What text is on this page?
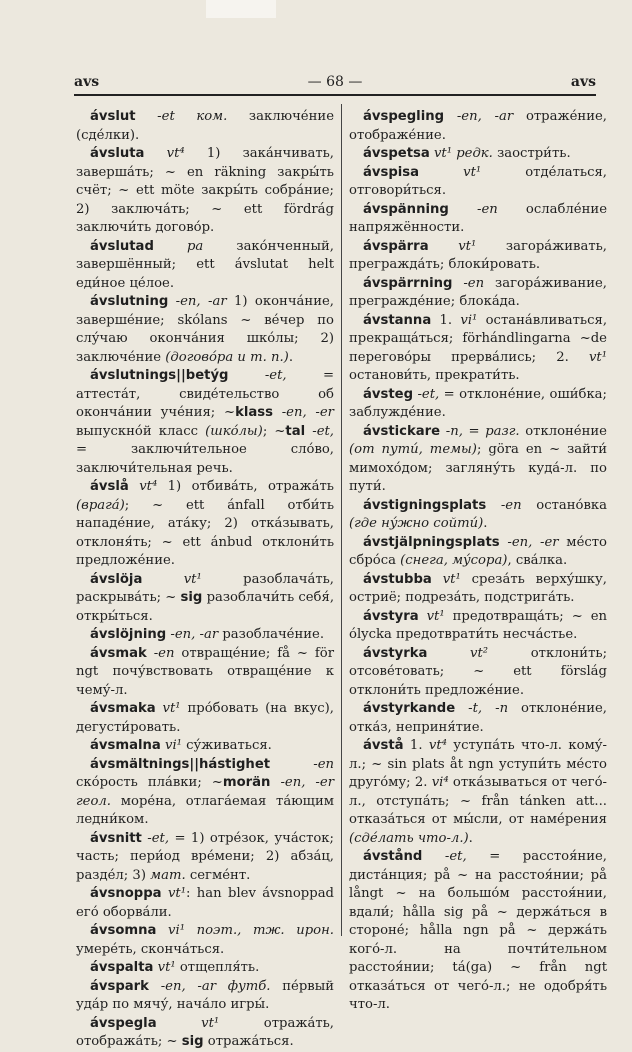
avs	— 68 —	avs

ávslut -et ком. заключе́ние (сде́лки).

ávsluta vt⁴ 1) зака́нчивать, заверша́ть; ~ en räkning закры́ть счёт; ~ ett möte закры́ть собра́ние; 2) заключа́ть; ~ ett fördrág заключи́ть догово́р.

ávslutad pa зако́нченный, завершённый; ett ávslutat helt еди́ное це́лое.

ávslutning -en, -ar 1) оконча́ние, заверше́ние; skólans ~ ве́чер по слу́чаю оконча́ния шко́лы; 2) заключе́ние (догово́ра и т. п.).

ávslutnings||betýg -et, = аттеста́т, свиде́тельство об оконча́нии уче́ния; ~klass -en, -er выпускно́й класс (шко́лы); ~tal -et, = заключи́тельное сло́во, заключи́тельная речь.

ávslå vt⁴ 1) отбива́ть, отража́ть (врага́); ~ ett ánfall отби́ть нападе́ние, ата́ку; 2) отка́зывать, отклоня́ть; ~ ett ánbud отклони́ть предложе́ние.

ávslöja vt¹ разоблача́ть, раскрыва́ть; ~ sig разоблачи́ть себя́, откры́ться.

ávslöjning -en, -ar разоблаче́ние.

ávsmak -en отвраще́ние; få ~ för ngt почу́вствовать отвраще́ние к чему́-л.

ávsmaka vt¹ про́бовать (на вкус), дегусти́ровать.

ávsmalna vi¹ су́живаться.

ávsmältnings||hástighet -en ско́рость пла́вки; ~morän -en, -er геол. море́на, отлага́емая та́ющим ледни́ком.

ávsnitt -et, = 1) отре́зок, уча́сток; часть; пери́од вре́мени; 2) абза́ц, разде́л; 3) мат. сегме́нт.

ávsnoppa vt¹: han blev ávsnoppad его́ оборва́ли.

ávsomna vi¹ поэт., тж. ирон. умере́ть, сконча́ться.

ávspalta vt¹ отщепля́ть.

ávspark -en, -ar футб. пе́рвый уда́р по мячу́, нача́ло игры́.

ávspegla vt¹ отража́ть, отобража́ть; ~ sig отража́ться.

ávspegling -en, -ar отраже́ние, отображе́ние.

ávspetsa vt¹ редк. заостри́ть.

ávspisa vt¹ отде́латься, отговори́ться.

ávspänning -en ослабле́ние напряжённости.

ávspärra vt¹ загора́живать, прегражда́ть; блоки́ровать.

ávspärrning -en загора́живание, прегражде́ние; блока́да.

ávstanna 1. vi¹ остана́вливаться, прекраща́ться; förhándlingarna ~de перегово́ры прерва́лись; 2. vt¹ останови́ть, прекрати́ть.

ávsteg -et, = отклоне́ние, оши́бка; заблужде́ние.

ávstickare -n, = разг. отклоне́ние (от пути́, темы); göra en ~ зайти́ мимохо́дом; загляну́ть куда́-л. по пути́.

ávstigningsplats -en остано́вка (где ну́жно сойти́).

ávstjälpningsplats -en, -er ме́сто сбро́са (снега, му́сора), сва́лка.

ávstubba vt¹ среза́ть верху́шку, остриё; подреза́ть, подстрига́ть.

ávstyra vt¹ предотвраща́ть; ~ en ólycka предотврати́ть несча́стье.

ávstyrka vt² отклони́ть; отсове́товать; ~ ett förslág отклони́ть предложе́ние.

ávstyrkande -t, -n отклоне́ние, отка́з, неприня́тие.

ávstå 1. vt⁴ уступа́ть что-л. кому́-л.; ~ sin plats åt ngn уступи́ть ме́сто друго́му; 2. vi⁴ отка́зываться от чего́-л., отступа́ть; ~ från tánken att... отказа́ться от мы́сли, от наме́рения (сде́лать что-л.).

ávstånd -et, = расстоя́ние, диста́нция; på ~ на расстоя́нии; på långt ~ на большо́м расстоя́нии, вдали́; hålla sig på ~ держа́ться в стороне́; hålla ngn på ~ держа́ть кого́-л. на почти́тельном расстоя́нии; tá(ga) ~ från ngt отказа́ться от чего́-л.; не одобря́ть что-л.
